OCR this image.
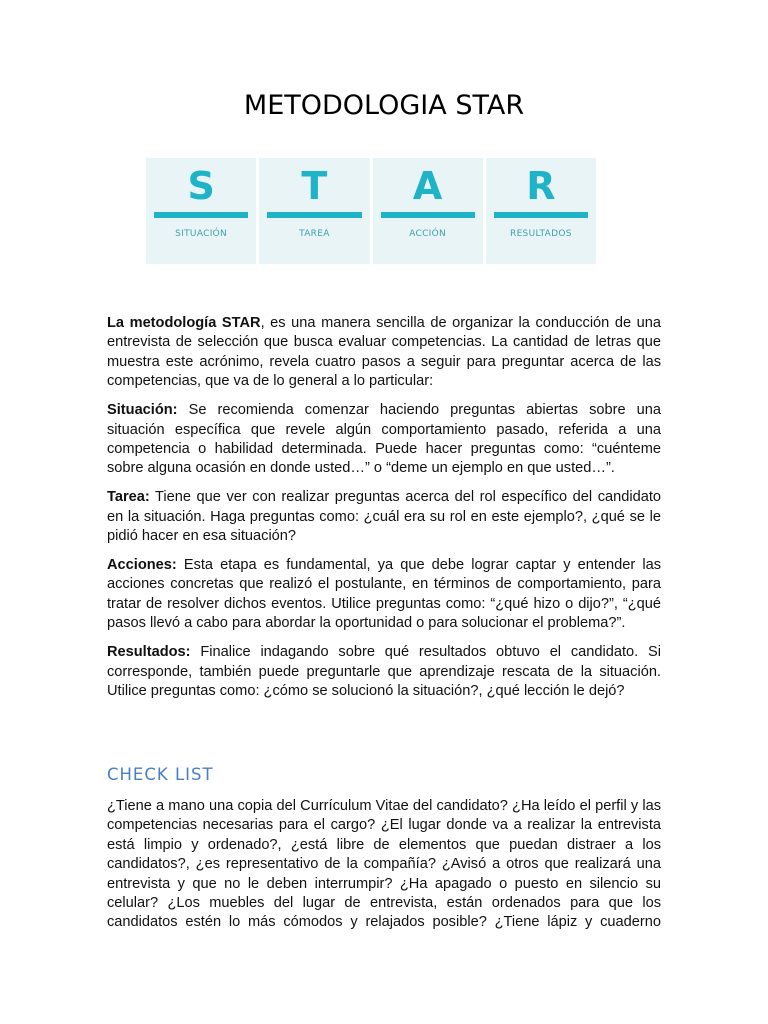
METODOLOGIA STAR
S
SITUACIÓN
T
TAREA
A
ACCIÓN
R
RESULTADOS

La metodología STAR, es una manera sencilla de organizar la conducción de una entrevista de selección que busca evaluar competencias. La cantidad de letras que muestra este acrónimo, revela cuatro pasos a seguir para preguntar acerca de las competencias, que va de lo general a lo particular:

Situación: Se recomienda comenzar haciendo preguntas abiertas sobre una situación específica que revele algún comportamiento pasado, referida a una competencia o habilidad determinada. Puede hacer preguntas como: “cuénteme sobre alguna ocasión en donde usted…” o “deme un ejemplo en que usted…”.

Tarea: Tiene que ver con realizar preguntas acerca del rol específico del candidato en la situación. Haga preguntas como: ¿cuál era su rol en este ejemplo?, ¿qué se le pidió hacer en esa situación?

Acciones: Esta etapa es fundamental, ya que debe lograr captar y entender las acciones concretas que realizó el postulante, en términos de comportamiento, para tratar de resolver dichos eventos. Utilice preguntas como: “¿qué hizo o dijo?”, “¿qué pasos llevó a cabo para abordar la oportunidad o para solucionar el problema?”.

Resultados: Finalice indagando sobre qué resultados obtuvo el candidato. Si corresponde, también puede preguntarle que aprendizaje rescata de la situación. Utilice preguntas como: ¿cómo se solucionó la situación?, ¿qué lección le dejó?

CHECK LIST
¿Tiene a mano una copia del Currículum Vitae del candidato? ¿Ha leído el perfil y las competencias necesarias para el cargo? ¿El lugar donde va a realizar la entrevista está limpio y ordenado?, ¿está libre de elementos que puedan distraer a los candidatos?, ¿es representativo de la compañía? ¿Avisó a otros que realizará una entrevista y que no le deben interrumpir? ¿Ha apagado o puesto en silencio su celular? ¿Los muebles del lugar de entrevista, están ordenados para que los candidatos estén lo más cómodos y relajados posible? ¿Tiene lápiz y cuaderno
